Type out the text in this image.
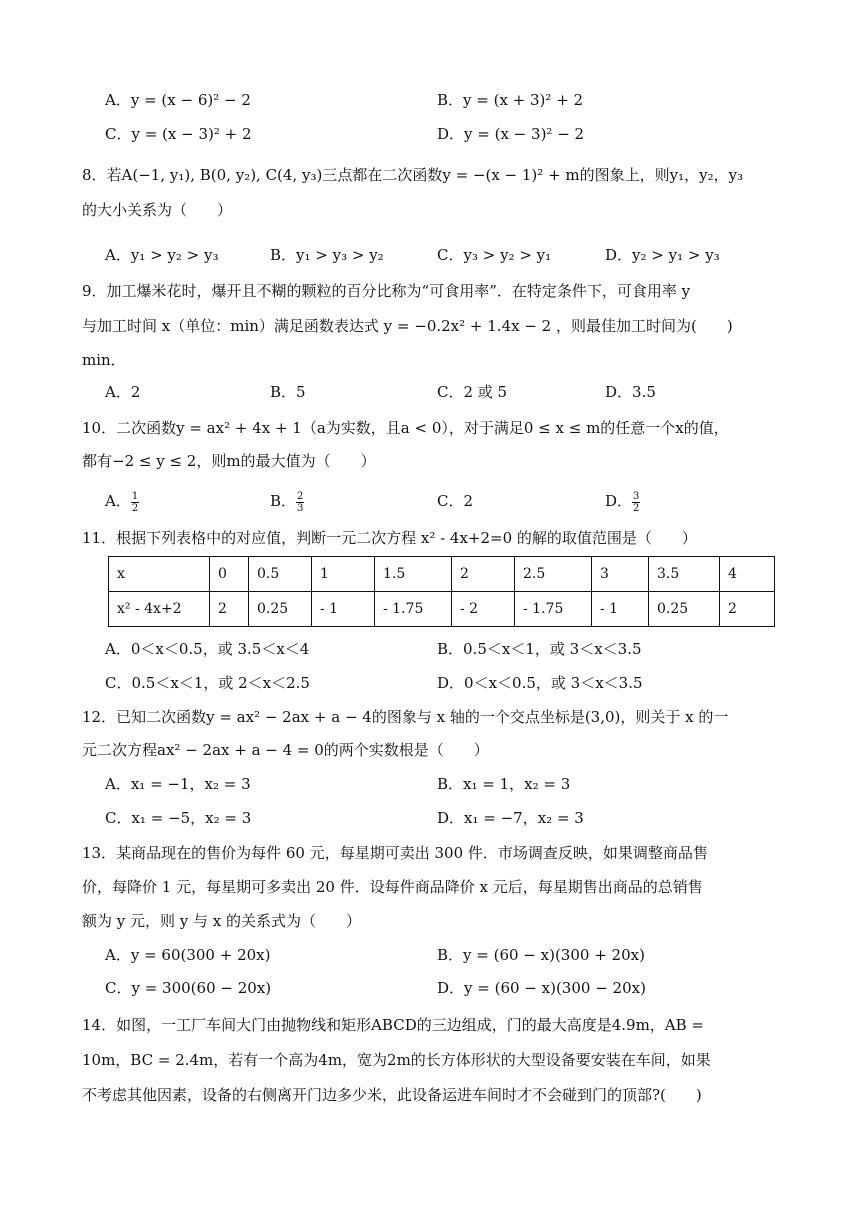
A．y = (x − 6)² − 2	B．y = (x + 3)² + 2
C．y = (x − 3)² + 2	D．y = (x − 3)² − 2
8．若A(−1, y₁), B(0, y₂), C(4, y₃)三点都在二次函数y = −(x − 1)² + m的图象上，则y₁，y₂，y₃
的大小关系为（　　）
A．y₁ > y₂ > y₃	B．y₁ > y₃ > y₂	C．y₃ > y₂ > y₁	D．y₂ > y₁ > y₃
9．加工爆米花时，爆开且不糊的颗粒的百分比称为“可食用率”．在特定条件下，可食用率 y
与加工时间 x（单位：min）满足函数表达式 y = −0.2x² + 1.4x − 2 ，则最佳加工时间为(　　)
min．
A．2	B．5	C．2 或 5	D．3.5
10．二次函数y = ax² + 4x + 1（a为实数，且a < 0），对于满足0 ≤ x ≤ m的任意一个x的值，
都有−2 ≤ y ≤ 2，则m的最大值为（　　）
A． $\frac{1}{2}$	B． $\frac{2}{3}$	C．2	D． $\frac{3}{2}$
11．根据下列表格中的对应值，判断一元二次方程 x² - 4x+2=0 的解的取值范围是（　　）
x	0	0.5	1	1.5	2	2.5	3	3.5	4
x² - 4x+2	2	0.25	- 1	- 1.75	- 2	- 1.75	- 1	0.25	2
A．0＜x＜0.5，或 3.5＜x＜4	B．0.5＜x＜1，或 3＜x＜3.5
C．0.5＜x＜1，或 2＜x＜2.5	D．0＜x＜0.5，或 3＜x＜3.5
12．已知二次函数y = ax² − 2ax + a − 4的图象与 x 轴的一个交点坐标是(3,0)，则关于 x 的一
元二次方程ax² − 2ax + a − 4 = 0的两个实数根是（　　）
A．x₁ = −1，x₂ = 3	B．x₁ = 1，x₂ = 3
C．x₁ = −5，x₂ = 3	D．x₁ = −7，x₂ = 3
13．某商品现在的售价为每件 60 元，每星期可卖出 300 件．市场调查反映，如果调整商品售
价，每降价 1 元，每星期可多卖出 20 件．设每件商品降价 x 元后，每星期售出商品的总销售
额为 y 元，则 y 与 x 的关系式为（　　）
A．y = 60(300 + 20x)	B．y = (60 − x)(300 + 20x)
C．y = 300(60 − 20x)	D．y = (60 − x)(300 − 20x)
14．如图，一工厂车间大门由抛物线和矩形ABCD的三边组成，门的最大高度是4.9m，AB =
10m，BC = 2.4m，若有一个高为4m，宽为2m的长方体形状的大型设备要安装在车间，如果
不考虑其他因素，设备的右侧离开门边多少米，此设备运进车间时才不会碰到门的顶部?(　　)
